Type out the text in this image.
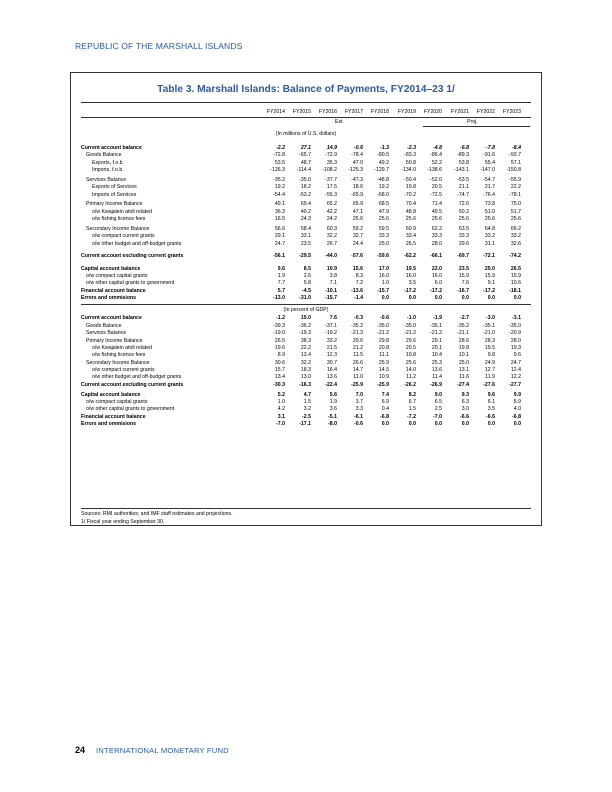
REPUBLIC OF THE MARSHALL ISLANDS
Table 3. Marshall Islands: Balance of Payments, FY2014–23 1/
FY2014	FY2015	FY2016	FY2017	FY2018	FY2019	FY2020	FY2021	FY2022	FY2023
Est.	Proj.
(In millions of U.S. dollars)
Current account balance	-2.2	27.1	14.9	-0.6	-1.3	-2.3	-4.8	-6.8	-7.8	-8.4
Goods Balance	-72.8	-65.7	-72.9	-78.4	-80.5	-83.3	-86.4	-89.3	-91.6	-93.7
Exports, f.o.b.	53.5	48.7	35.3	47.0	49.2	50.8	52.2	53.8	55.4	57.1
Imports, f.o.b.	-126.3	-114.4	-108.2	-125.3	-129.7	-134.0	-138.6	-143.1	-147.0	-150.8
Services Balance	-35.2	-35.0	-37.7	-47.3	-48.8	-50.4	-52.0	-53.5	-54.7	-55.9
Exports of Services	19.2	18.2	17.5	18.6	19.2	19.8	20.5	21.1	21.7	22.2
Imports of Services	-54.4	-53.2	-55.3	-65.9	-68.0	-70.2	-72.5	-74.7	-76.4	-78.1
Primary Income Balance	49.1	69.4	65.2	65.9	68.5	70.4	71.4	72.6	73.8	75.0
o/w Kwajalein atoll related	36.3	40.2	42.2	47.1	47.9	48.8	49.5	50.2	51.0	51.7
o/w fishing licence fees	16.5	24.3	24.2	25.6	25.6	25.6	25.6	25.6	25.6	25.6
Secondary Income Balance	56.6	58.4	60.3	59.2	59.5	60.9	62.2	63.5	64.8	66.2
o/w compact current grants	29.1	33.1	32.2	32.7	33.3	33.4	33.3	33.3	33.2	33.2
o/w other budget and off-budget grants	24.7	23.5	26.7	24.4	25.0	26.5	28.0	29.6	31.1	32.6
Current account excluding current grants	-56.1	-29.5	-44.0	-57.6	-59.6	-62.2	-66.1	-69.7	-72.1	-74.2
Capital account balance	9.6	8.5	10.9	15.6	17.0	19.5	22.0	23.5	25.0	26.5
o/w compact capital grants	1.9	2.6	3.8	8.3	16.0	16.0	16.0	15.9	15.9	15.9
o/w other capital grants to government	7.7	5.8	7.1	7.2	1.0	3.5	6.0	7.6	9.1	10.6
Financial account balance	5.7	-4.5	-10.1	-13.6	-15.7	-17.2	-17.2	-16.7	-17.2	-18.1
Errors and ommisions	-13.0	-31.0	-15.7	-1.4	0.0	0.0	0.0	0.0	0.0	0.0
(In percent of GDP)
Current account balance	-1.2	15.0	7.6	-0.3	-0.6	-1.0	-1.9	-2.7	-3.0	-3.1
Goods Balance	-39.3	-36.2	-37.1	-35.2	-35.0	-35.0	-35.1	-35.2	-35.1	-35.0
Services Balance	-19.0	-19.3	-19.2	-21.3	-21.2	-21.2	-21.2	-21.1	-21.0	-20.9
Primary Income Balance	26.5	38.3	33.2	29.6	29.8	29.6	29.1	28.6	28.3	28.0
o/w Kwajalein atoll related	19.6	22.2	21.5	21.2	20.8	20.5	20.1	19.8	19.5	19.3
o/w fishing licence fees	8.9	13.4	12.3	11.5	11.1	10.8	10.4	10.1	9.8	9.6
Secondary Income Balance	30.6	32.2	30.7	26.6	25.9	25.6	25.3	25.0	24.9	24.7
o/w compact current grants	15.7	18.3	16.4	14.7	14.5	14.0	13.6	13.1	12.7	12.4
o/w other budget and off-budget grants	13.4	13.0	13.6	11.0	10.9	11.2	11.4	11.6	11.9	12.2
Current account excluding current grants	-30.3	-16.3	-22.4	-25.9	-25.9	-26.2	-26.9	-27.4	-27.6	-27.7
Capital account balance	5.2	4.7	5.6	7.0	7.4	8.2	9.0	9.3	9.6	9.9
o/w compact capital grants	1.0	1.5	1.9	3.7	6.9	6.7	6.5	6.3	6.1	5.9
o/w other capital grants to government	4.2	3.2	3.6	3.3	0.4	1.5	2.5	3.0	3.5	4.0
Financial account balance	3.1	-2.5	-5.1	-6.1	-6.8	-7.2	-7.0	-6.6	-6.6	-6.8
Errors and ommisions	-7.0	-17.1	-8.0	-0.6	0.0	0.0	0.0	0.0	0.0	0.0
Sources: RMI authorities; and IMF staff estimates and projections.
1/ Fiscal year ending September 30.
24 INTERNATIONAL MONETARY FUND
